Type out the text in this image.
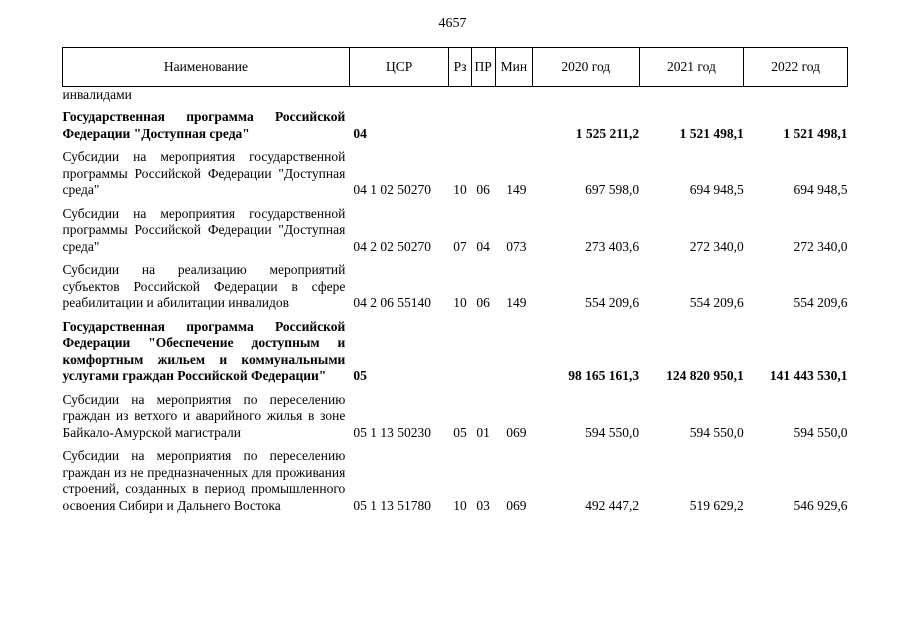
4657
Наименование	ЦСР	Рз	ПР	Мин	2020 год	2021 год	2022 год
инвалидами							

Государственная программа Российской Федерации "Доступная среда"	04				1 525 211,2	1 521 498,1	1 521 498,1

Субсидии на мероприятия государственной программы Российской Федерации "Доступная среда"	04 1 02 50270	10	06	149	697 598,0	694 948,5	694 948,5

Субсидии на мероприятия государственной программы Российской Федерации "Доступная среда"	04 2 02 50270	07	04	073	273 403,6	272 340,0	272 340,0

Субсидии на реализацию мероприятий субъектов Российской Федерации в сфере реабилитации и абилитации инвалидов	04 2 06 55140	10	06	149	554 209,6	554 209,6	554 209,6

Государственная программа Российской Федерации "Обеспечение доступным и комфортным жильем и коммунальными услугами граждан Российской Федерации"	05				98 165 161,3	124 820 950,1	141 443 530,1

Субсидии на мероприятия по переселению граждан из ветхого и аварийного жилья в зоне Байкало-Амурской магистрали	05 1 13 50230	05	01	069	594 550,0	594 550,0	594 550,0

Субсидии на мероприятия по переселению граждан из не предназначенных для проживания строений, созданных в период промышленного освоения Сибири и Дальнего Востока	05 1 13 51780	10	03	069	492 447,2	519 629,2	546 929,6
